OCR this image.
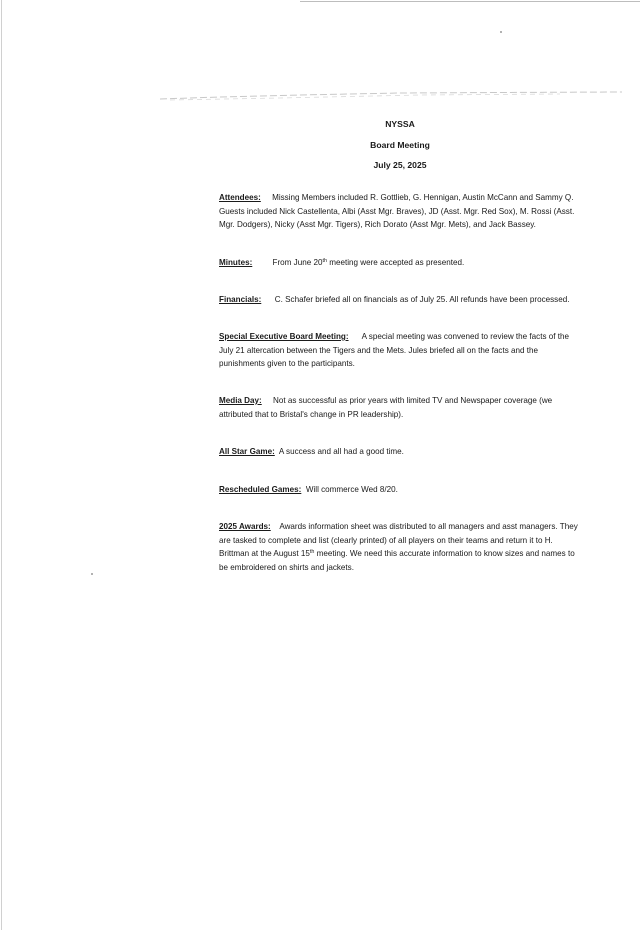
NYSSA
Board Meeting
July 25, 2025

Attendees: Missing Members included R. Gottlieb, G. Hennigan, Austin McCann and Sammy Q. Guests included Nick Castellenta, Albi (Asst Mgr. Braves), JD (Asst. Mgr. Red Sox), M. Rossi (Asst. Mgr. Dodgers), Nicky (Asst Mgr. Tigers), Rich Dorato (Asst Mgr. Mets), and Jack Bassey.

Minutes:	From June 20th meeting were accepted as presented.

Financials: C. Schafer briefed all on financials as of July 25. All refunds have been processed.

Special Executive Board Meeting: A special meeting was convened to review the facts of the July 21 altercation between the Tigers and the Mets. Jules briefed all on the facts and the punishments given to the participants.

Media Day: Not as successful as prior years with limited TV and Newspaper coverage (we attributed that to Bristal's change in PR leadership).

All Star Game: A success and all had a good time.

Rescheduled Games: Will commerce Wed 8/20.

2025 Awards: Awards information sheet was distributed to all managers and asst managers. They are tasked to complete and list (clearly printed) of all players on their teams and return it to H. Brittman at the August 15th meeting. We need this accurate information to know sizes and names to be embroidered on shirts and jackets.
